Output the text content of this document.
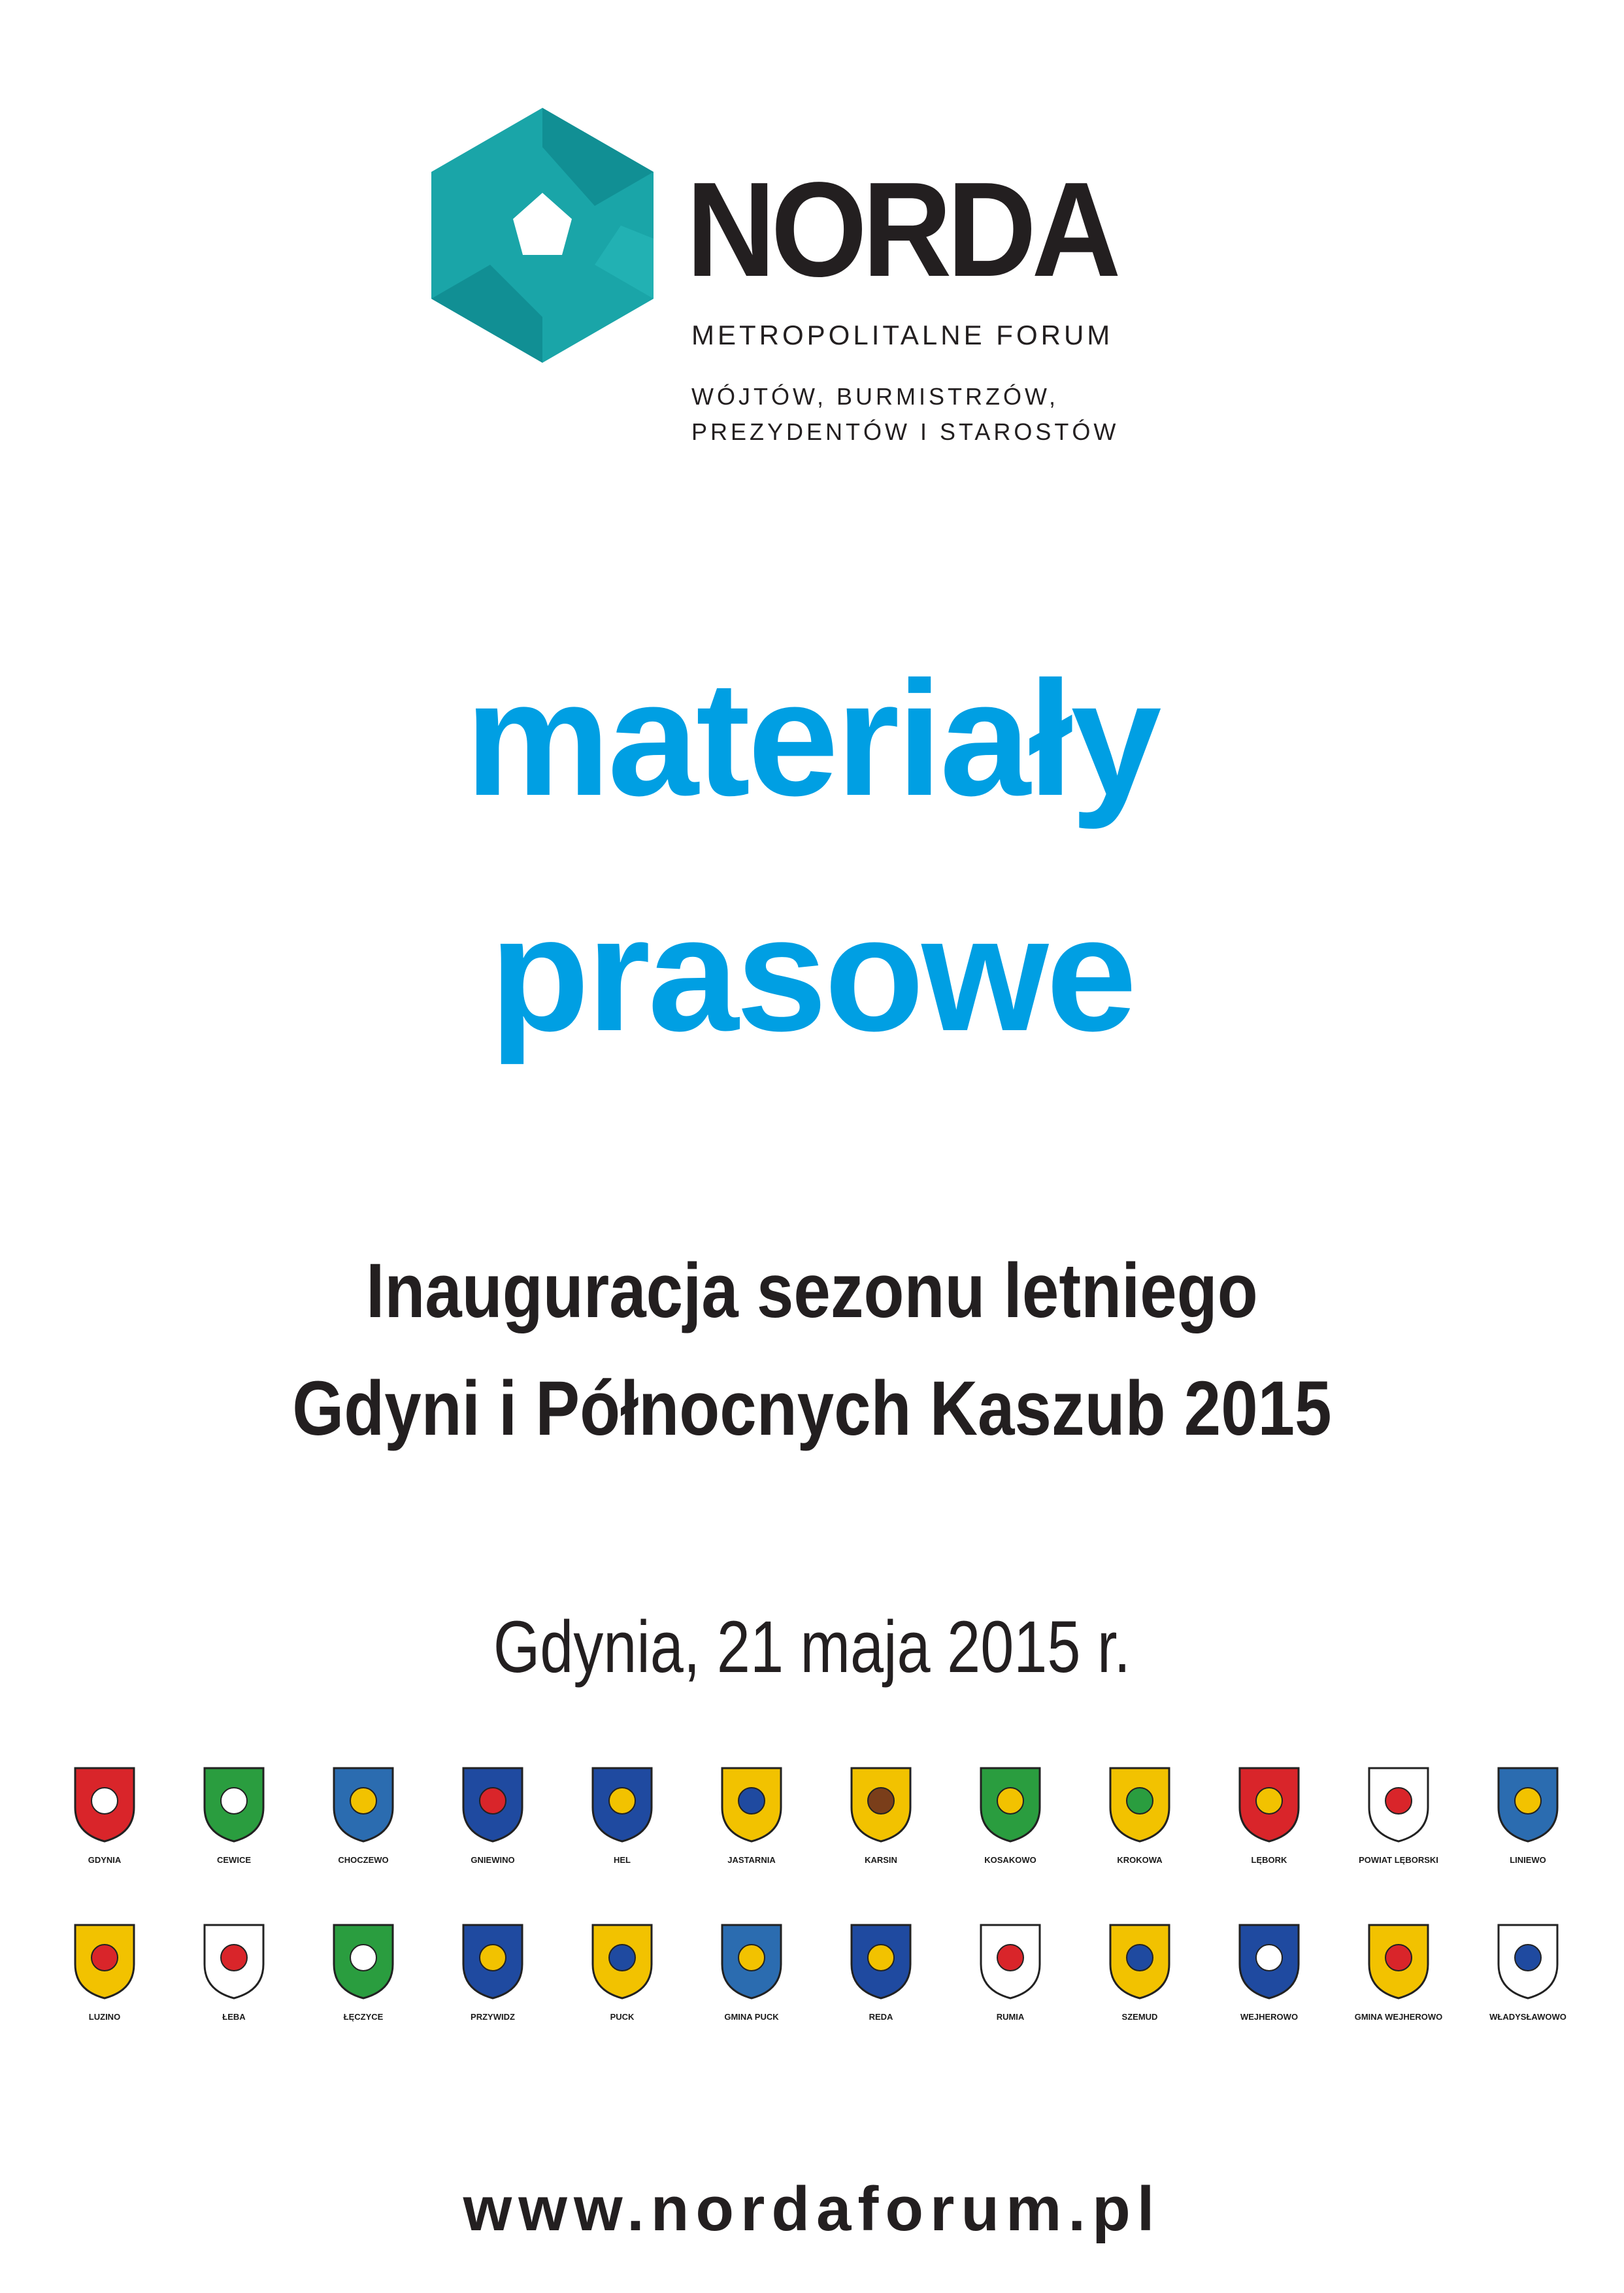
NORDA
METROPOLITALNE FORUM
WÓJTÓW, BURMISTRZÓW,
PREZYDENTÓW I STAROSTÓW
materiały
prasowe
Inauguracja sezonu letniego
Gdyni i Północnych Kaszub 2015
Gdynia, 21 maja 2015 r.
GDYNIA	CEWICE	CHOCZEWO	GNIEWINO	HEL	JASTARNIA	KARSIN	KOSAKOWO	KROKOWA	LĘBORK	POWIAT LĘBORSKI	LINIEWO
LUZINO	ŁEBA	ŁĘCZYCE	PRZYWIDZ	PUCK	GMINA PUCK	REDA	RUMIA	SZEMUD	WEJHEROWO	GMINA WEJHEROWO	WŁADYSŁAWOWO
www.nordaforum.pl
